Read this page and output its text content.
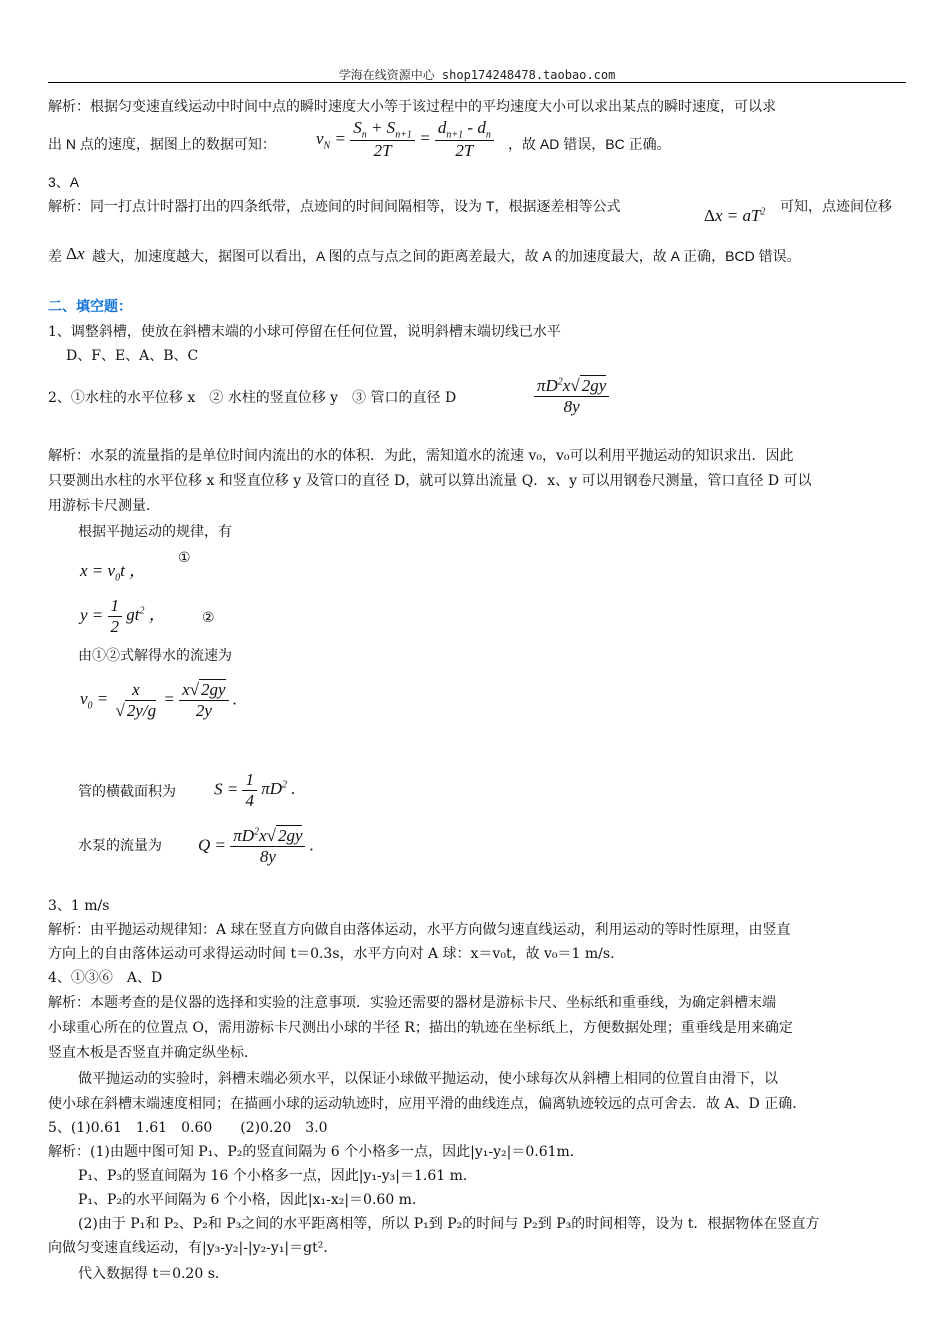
学海在线资源中心 shop174248478.taobao.com
解析：根据匀变速直线运动中时间中点的瞬时速度大小等于该过程中的平均速度大小可以求出某点的瞬时速度，可以求
出 N 点的速度，据图上的数据可知： $v_N = \frac{S_n + S_{n+1}}{2T} = \frac{d_{n+1} - d_n}{2T}$ ，故 AD 错误，BC 正确。
3、A
解析：同一打点计时器打出的四条纸带，点迹间的时间间隔相等，设为 T，根据逐差相等公式	$\Delta x = aT^2$ 可知，点迹间位移
差 Δx 越大，加速度越大，据图可以看出，A 图的点与点之间的距离差最大，故 A 的加速度最大，故 A 正确，BCD 错误。
二、填空题：
1、调整斜槽，使放在斜槽末端的小球可停留在任何位置，说明斜槽末端切线已水平
D、F、E、A、B、C
2、①水柱的水平位移 x　② 水柱的竖直位移 y　③ 管口的直径 D	$\frac{\pi D^2x√ 2gy}{8y}$
解析：水泵的流量指的是单位时间内流出的水的体积．为此，需知道水的流速 v₀，v₀可以利用平抛运动的知识求出．因此
只要测出水柱的水平位移 x 和竖直位移 y 及管口的直径 D，就可以算出流量 Q．x、y 可以用钢卷尺测量，管口直径 D 可以
用游标卡尺测量．
根据平抛运动的规律，有
$x = v_0t$ ，
①
$y = \frac{1}{2} gt^2$ ，	②
由①②式解得水的流速为
$v_0 = \frac{x}{√ 2y/g} = \frac{x√ 2gy}{2y}$ .
管的横截面积为 $S = \frac{1}{4} \pi D^2$ .
水泵的流量为 $Q = \frac{\pi D^2x√ 2gy}{8y}$ .
3、1 m/s
解析：由平抛运动规律知：A 球在竖直方向做自由落体运动，水平方向做匀速直线运动，利用运动的等时性原理，由竖直
方向上的自由落体运动可求得运动时间 t＝0.3s，水平方向对 A 球：x＝v₀t，故 v₀＝1 m/s．
4、①③⑥　A、D
解析：本题考查的是仪器的选择和实验的注意事项．实验还需要的器材是游标卡尺、坐标纸和重垂线，为确定斜槽末端
小球重心所在的位置点 O，需用游标卡尺测出小球的半径 R；描出的轨迹在坐标纸上，方便数据处理；重垂线是用来确定
竖直木板是否竖直并确定纵坐标．
做平抛运动的实验时，斜槽末端必须水平，以保证小球做平抛运动，使小球每次从斜槽上相同的位置自由滑下，以
使小球在斜槽末端速度相同；在描画小球的运动轨迹时，应用平滑的曲线连点，偏离轨迹较远的点可舍去．故 A、D 正确．
5、(1)0.61　1.61　0.60　　(2)0.20　3.0
解析：(1)由题中图可知 P₁、P₂的竖直间隔为 6 个小格多一点，因此|y₁-y₂|＝0.61m．
P₁、P₃的竖直间隔为 16 个小格多一点，因此|y₁-y₃|＝1.61 m．
P₁、P₂的水平间隔为 6 个小格，因此|x₁-x₂|＝0.60 m．
(2)由于 P₁和 P₂、P₂和 P₃之间的水平距离相等，所以 P₁到 P₂的时间与 P₂到 P₃的时间相等，设为 t．根据物体在竖直方
向做匀变速直线运动，有|y₃-y₂|-|y₂-y₁|＝gt²．
代入数据得 t＝0.20 s．
